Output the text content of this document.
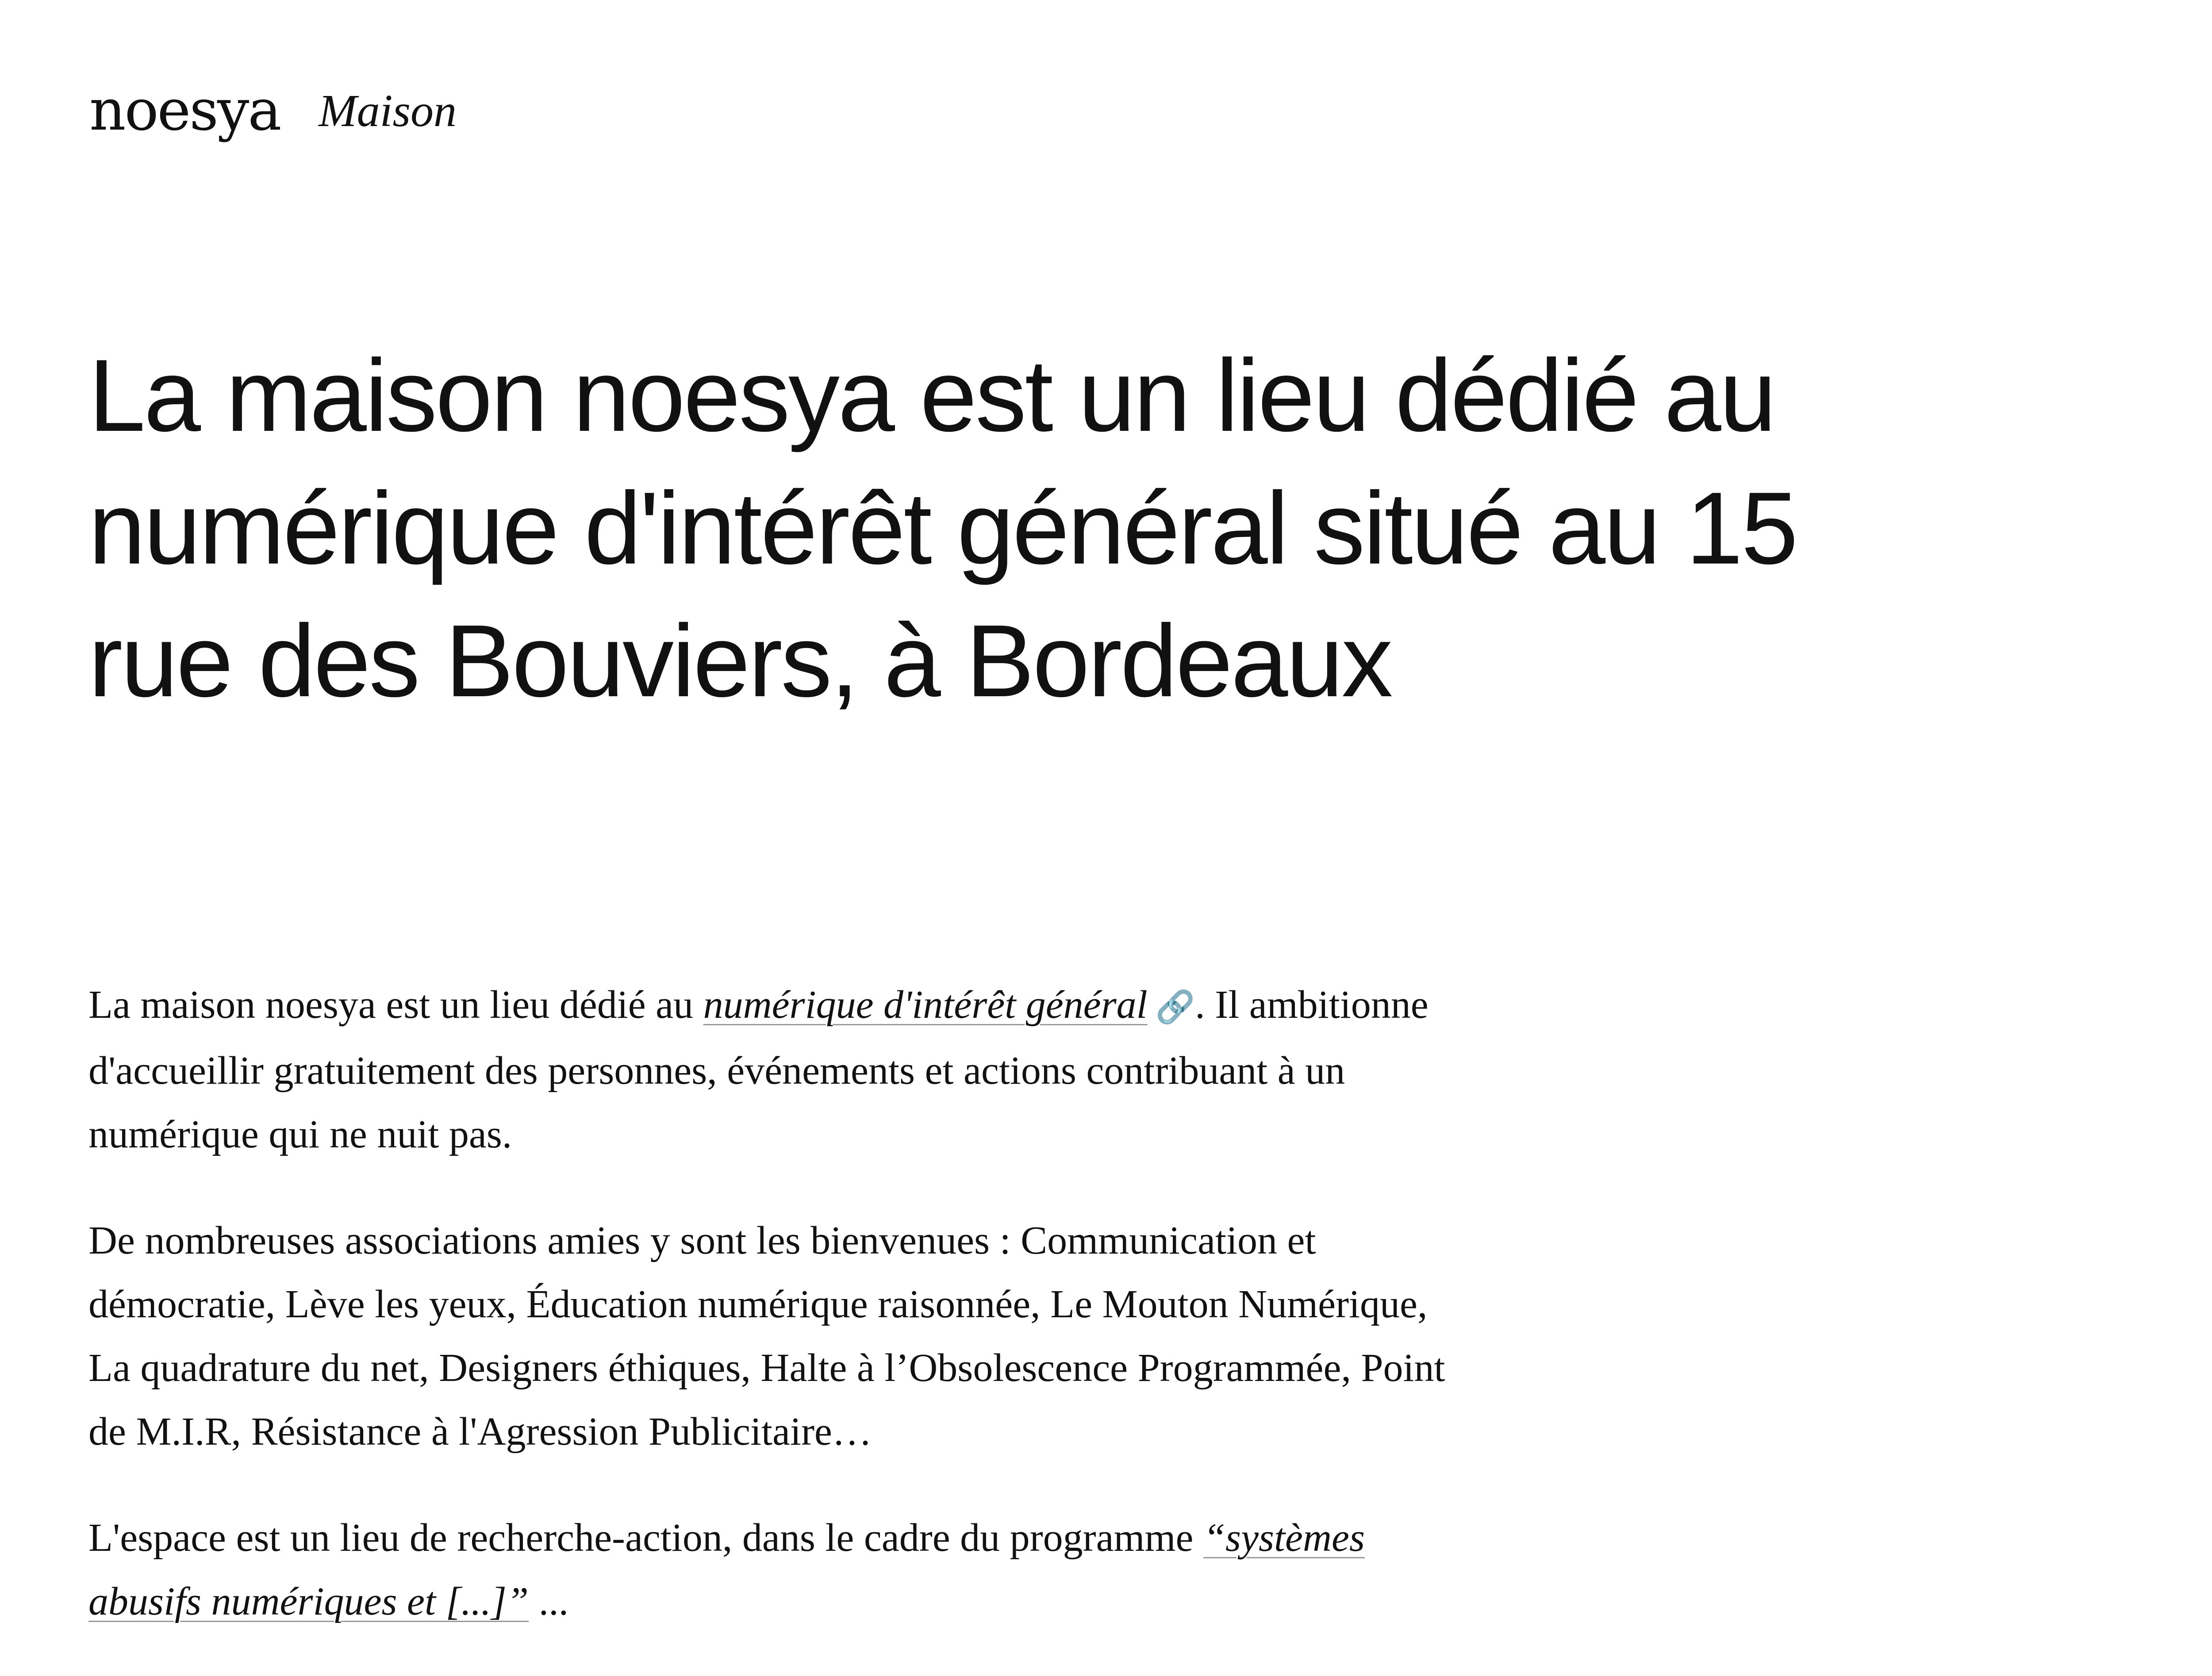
noesya Maison
La maison noesya est un lieu dédié au numérique d'intérêt général situé au 15 rue des Bouviers, à Bordeaux

La maison noesya est un lieu dédié au numérique d'intérêt général 🔗. Il ambitionne d'accueillir gratuitement des personnes, événements et actions contribuant à un numérique qui ne nuit pas.

De nombreuses associations amies y sont les bienvenues : Communication et démocratie, Lève les yeux, Éducation numérique raisonnée, Le Mouton Numérique, La quadrature du net, Designers éthiques, Halte à l’Obsolescence Programmée, Point de M.I.R, Résistance à l'Agression Publicitaire…

L'espace est un lieu de recherche-action, dans le cadre du programme “systèmes abusifs numériques et [...]” ...
